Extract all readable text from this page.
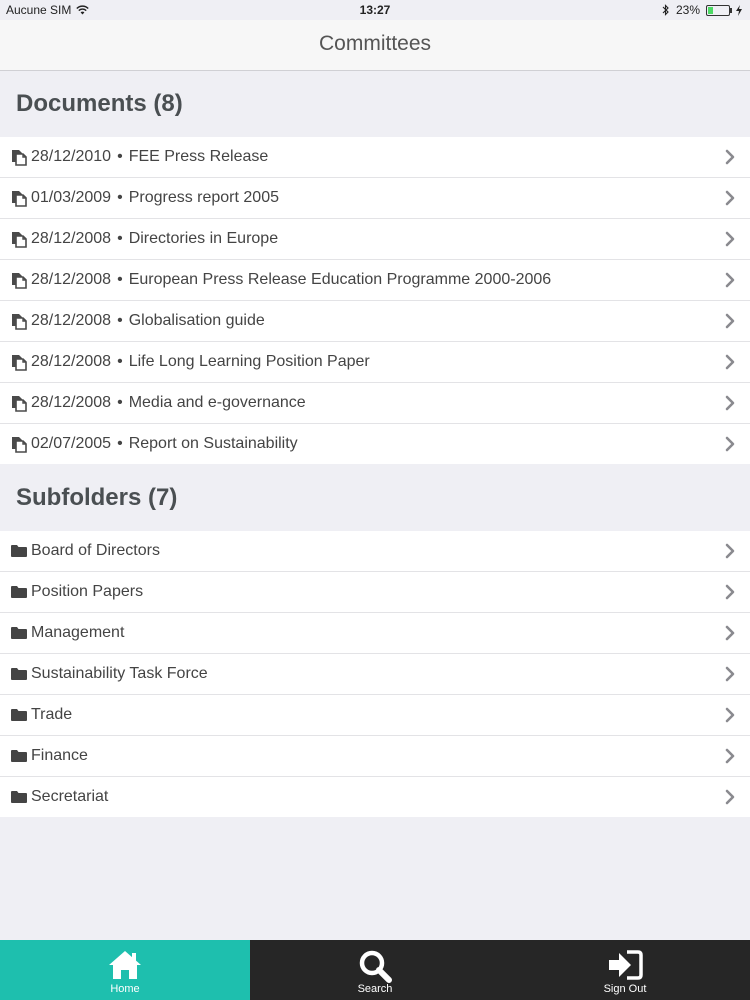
Aucune SIM	13:27	23%
Committees
Documents (8)
28/12/2010 • FEE Press Release
01/03/2009 • Progress report 2005
28/12/2008 • Directories in Europe
28/12/2008 • European Press Release Education Programme 2000-2006
28/12/2008 • Globalisation guide
28/12/2008 • Life Long Learning Position Paper
28/12/2008 • Media and e-governance
02/07/2005 • Report on Sustainability
Subfolders (7)
Board of Directors
Position Papers
Management
Sustainability Task Force
Trade
Finance
Secretariat
Home	Search	Sign Out
